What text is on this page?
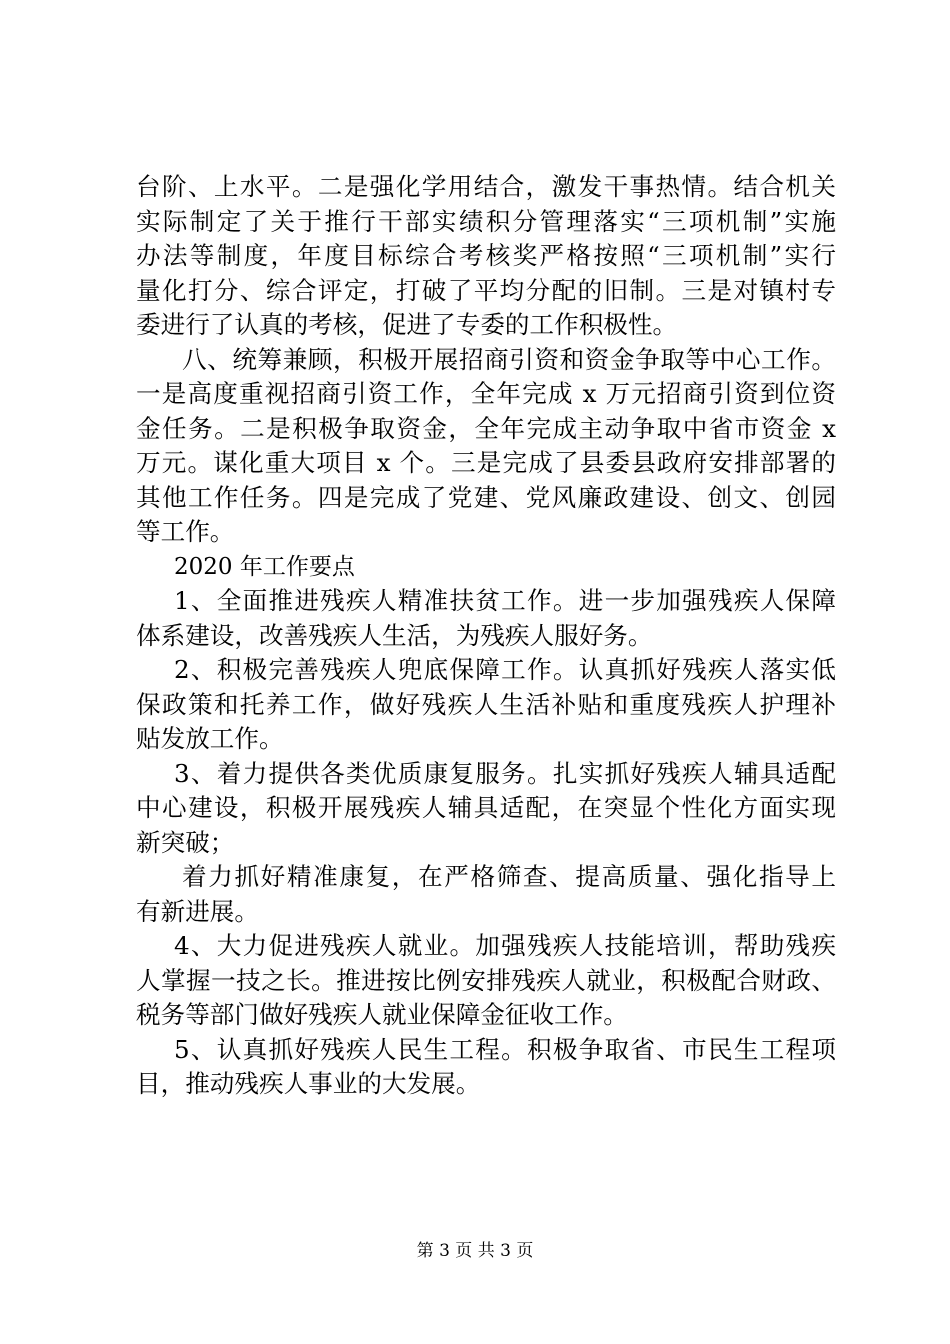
台阶、上水平。二是强化学用结合，激发干事热情。结合机关
实际制定了关于推行干部实绩积分管理落实“三项机制”实施
办法等制度，年度目标综合考核奖严格按照“三项机制”实行
量化打分、综合评定，打破了平均分配的旧制。三是对镇村专
委进行了认真的考核，促进了专委的工作积极性。
八、统筹兼顾，积极开展招商引资和资金争取等中心工作。
一是高度重视招商引资工作，全年完成 x 万元招商引资到位资
金任务。二是积极争取资金，全年完成主动争取中省市资金 x
万元。谋化重大项目 x 个。三是完成了县委县政府安排部署的
其他工作任务。四是完成了党建、党风廉政建设、创文、创园
等工作。
2020 年工作要点
1、全面推进残疾人精准扶贫工作。进一步加强残疾人保障
体系建设，改善残疾人生活，为残疾人服好务。
2、积极完善残疾人兜底保障工作。认真抓好残疾人落实低
保政策和托养工作，做好残疾人生活补贴和重度残疾人护理补
贴发放工作。
3、着力提供各类优质康复服务。扎实抓好残疾人辅具适配
中心建设，积极开展残疾人辅具适配，在突显个性化方面实现
新突破；
着力抓好精准康复，在严格筛查、提高质量、强化指导上
有新进展。
4、大力促进残疾人就业。加强残疾人技能培训，帮助残疾
人掌握一技之长。推进按比例安排残疾人就业，积极配合财政、
税务等部门做好残疾人就业保障金征收工作。
5、认真抓好残疾人民生工程。积极争取省、市民生工程项
目，推动残疾人事业的大发展。
第 3 页 共 3 页
